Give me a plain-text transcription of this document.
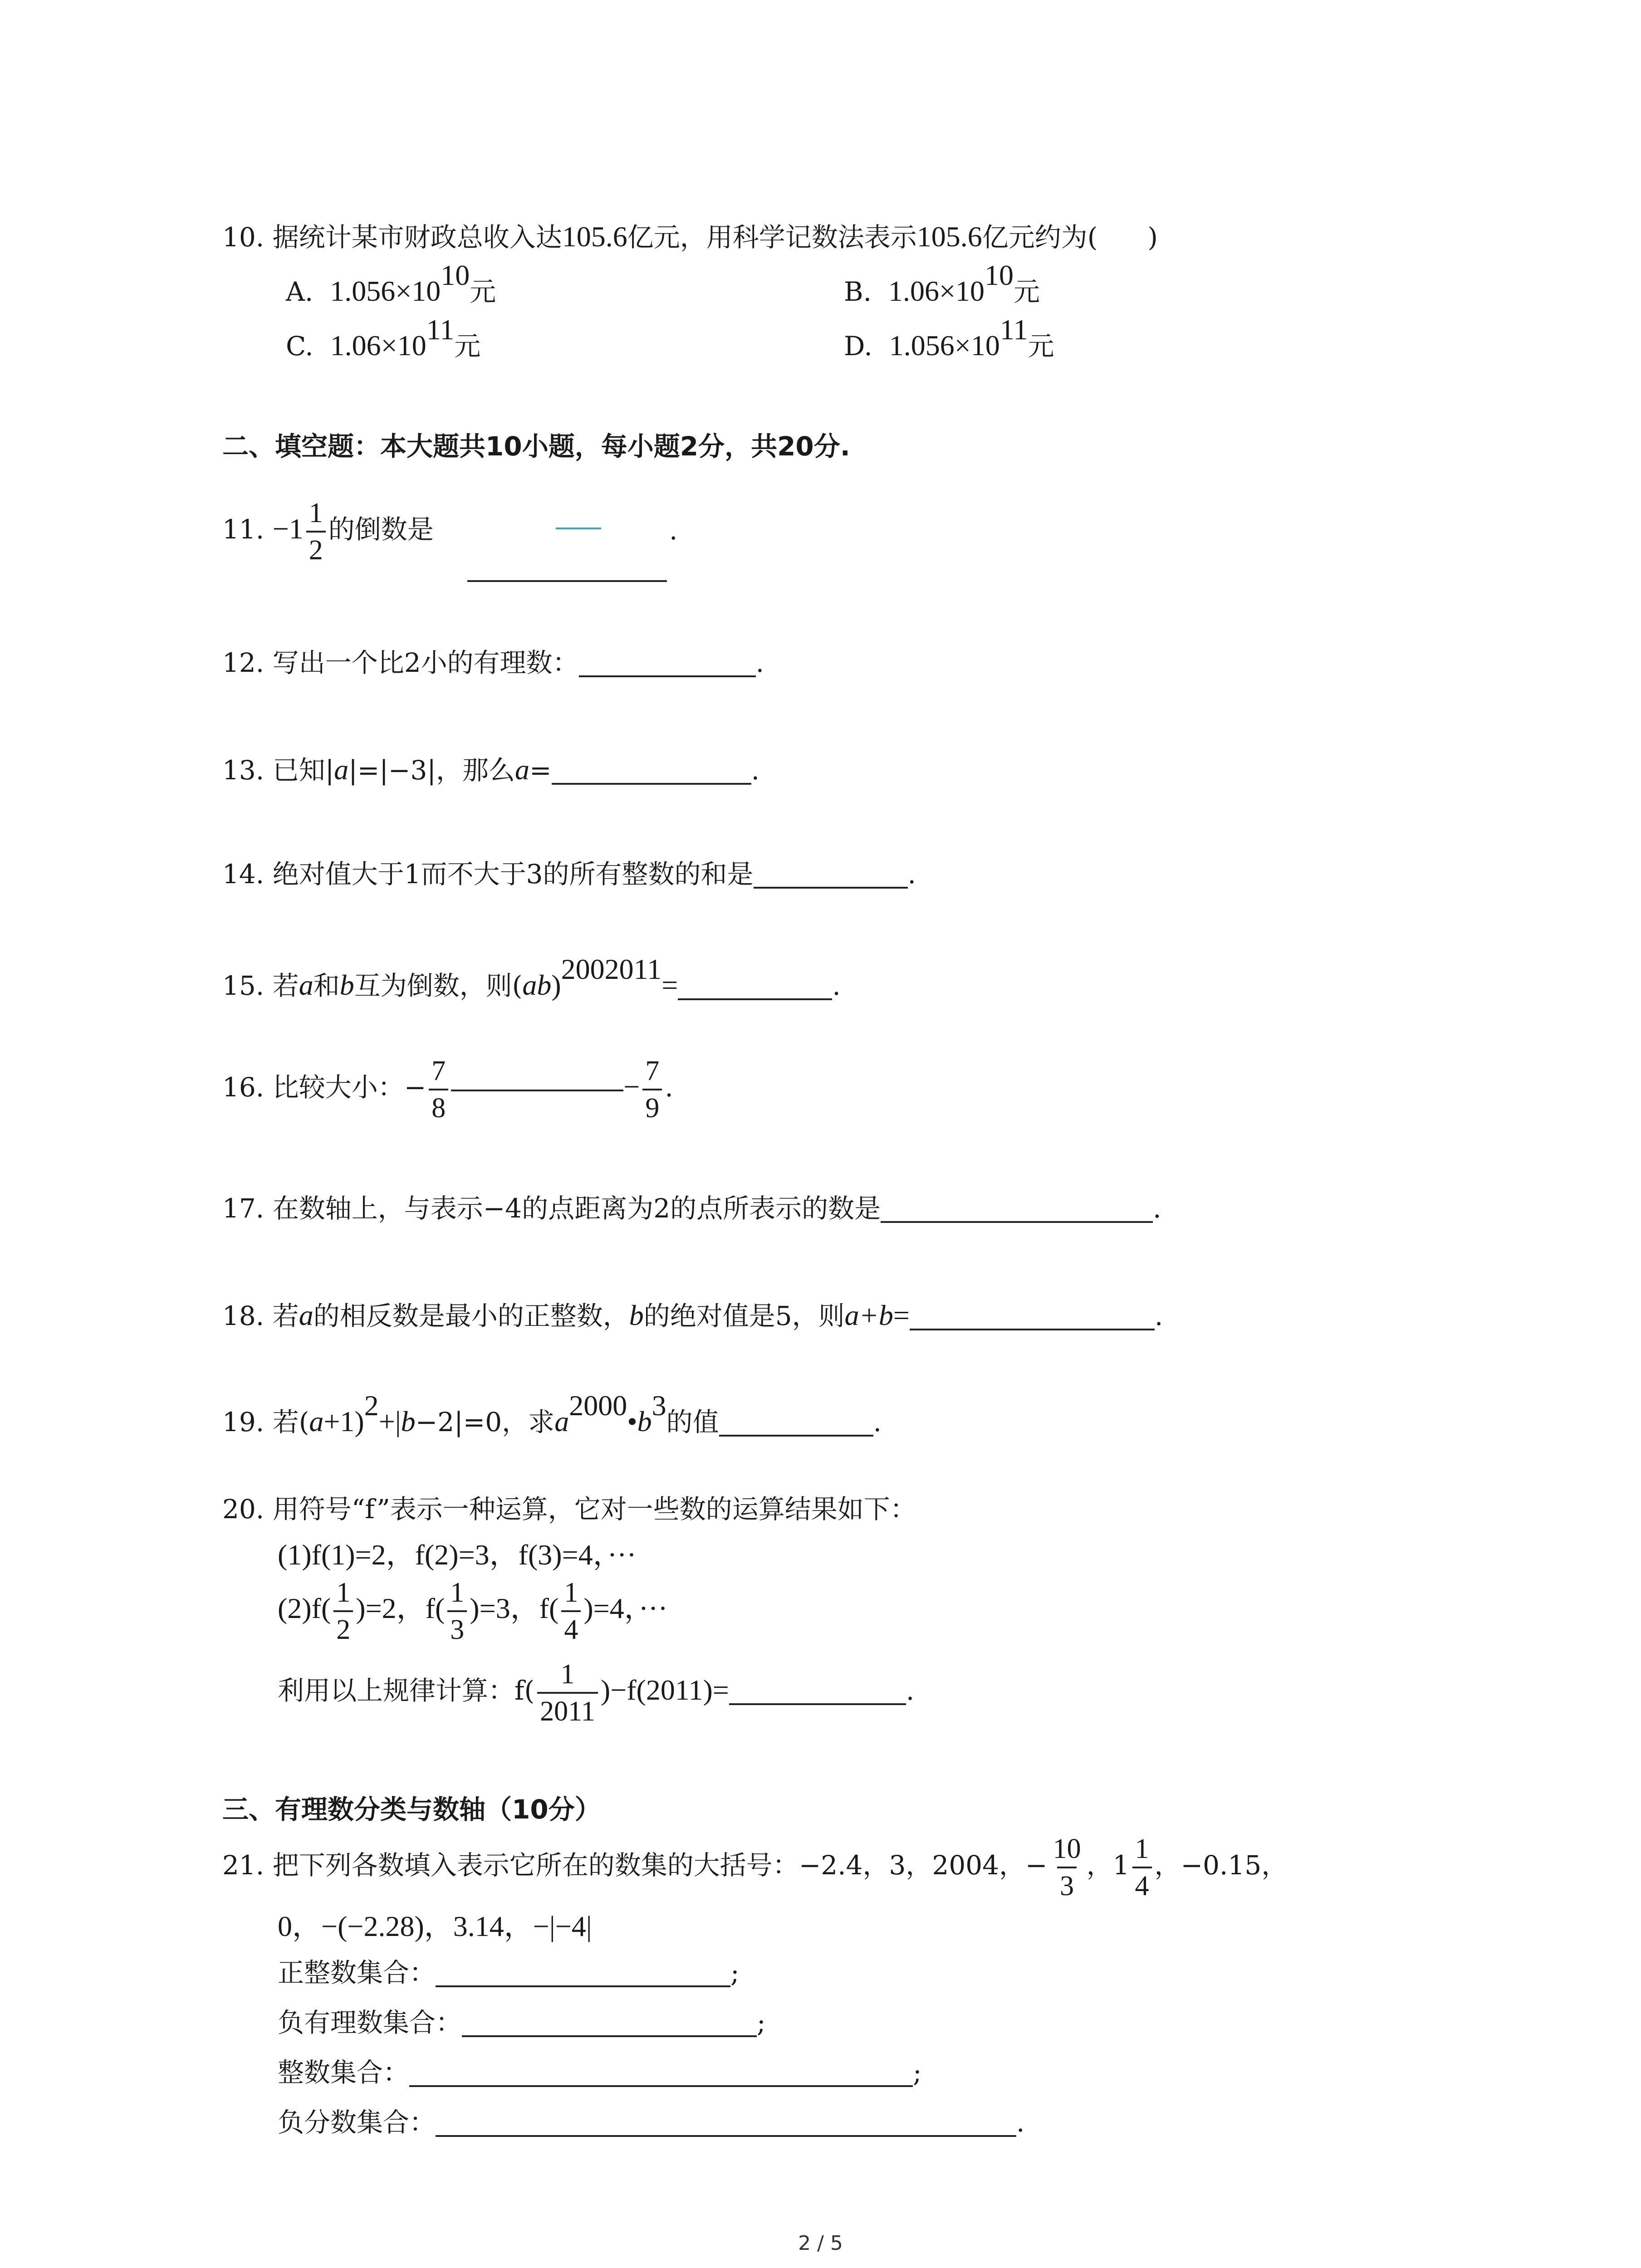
10. 据统计某市财政总收入达105.6亿元，用科学记数法表示105.6亿元约为( )
A. $1.056\times 10^{10}$元	B. $1.06\times 10^{10}$元
C. $1.06\times 10^{11}$元	D. $1.056\times 10^{11}$元
二、填空题：本大题共10小题，每小题2分，共20分.
11. $-1 \frac{1}{2}$ 的倒数是	.
12. 写出一个比2小的有理数：	.
13. 已知|a|=|−3|，那么a=	.
14. 绝对值大于1而不大于3的所有整数的和是	.
15. 若a和b互为倒数，则(ab)$^{2002011}$=	.
16. 比较大小：− $\frac{7}{8}$	− $\frac{7}{9}$ .
17. 在数轴上，与表示−4的点距离为2的点所表示的数是	.
18. 若a的相反数是最小的正整数，b的绝对值是5，则a+b=	.
19. 若$(a+1)^2+|b-2|=0$，求$a^{2000}•b^3$的值	.
20. 用符号“f”表示一种运算，它对一些数的运算结果如下：
(1)f(1)=2，f(2)=3，f(3)=4，···
$(2)f( \frac{1}{2} )=2$，$f( \frac{1}{3} )=3$，$f( \frac{1}{4} )=4$，···
利用以上规律计算：$f( \frac{1}{2011} )-f(2011)=$	.
三、有理数分类与数轴（10分）
21. 把下列各数填入表示它所在的数集的大括号：−2.4，3，2004，− $\frac{10}{3}$ ，$1 \frac{1}{4}$ ，−0.15，
0，−(−2.28)，3.14，−|−4|
正整数集合：	;
负有理数集合：	;
整数集合：	;
负分数集合：	.
2 / 5
